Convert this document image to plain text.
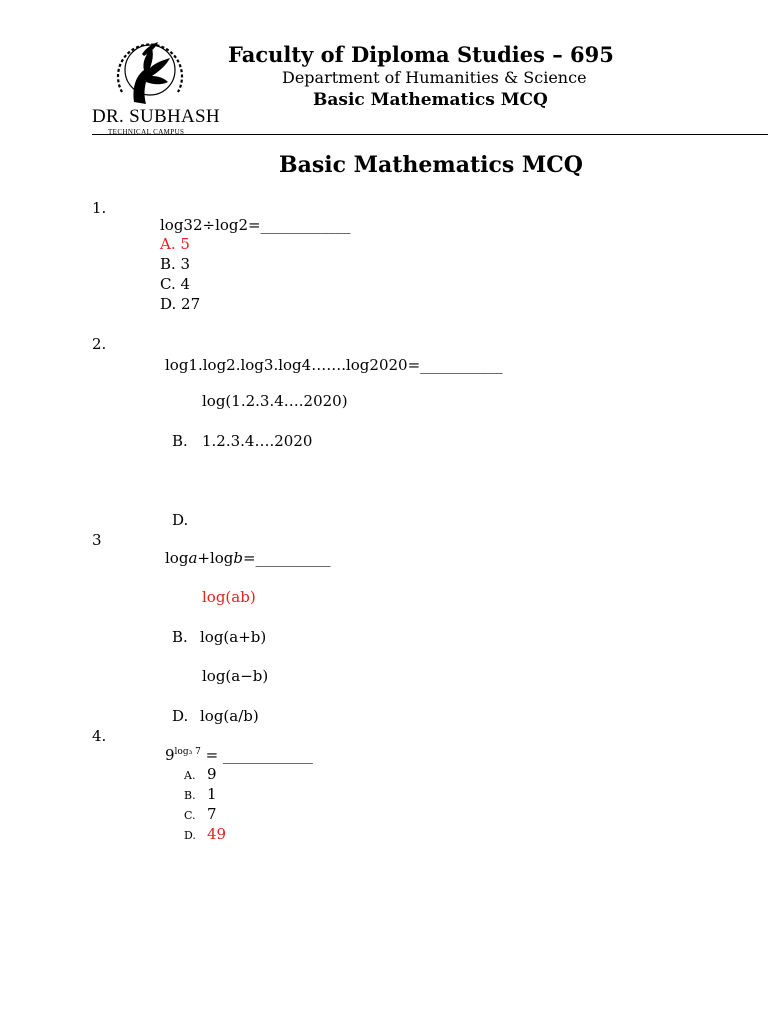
DR. SUBHASH
TECHNICAL CAMPUS
Faculty of Diploma Studies – 695
Department of Humanities & Science
Basic Mathematics MCQ
Basic Mathematics MCQ
1.
log32÷log2=____________
A. 5
B. 3
C. 4
D. 27
2.
log1.log2.log3.log4…….log2020=___________
log(1.2.3.4….2020)
B. 1.2.3.4….2020
D.
3
loga+logb=__________
log(ab)
B. log(a+b)
log(a−b)
D. log(a/b)
4.
$9^{log_3 7}$ = ____________
A. 9
B. 1
C. 7
D. 49
